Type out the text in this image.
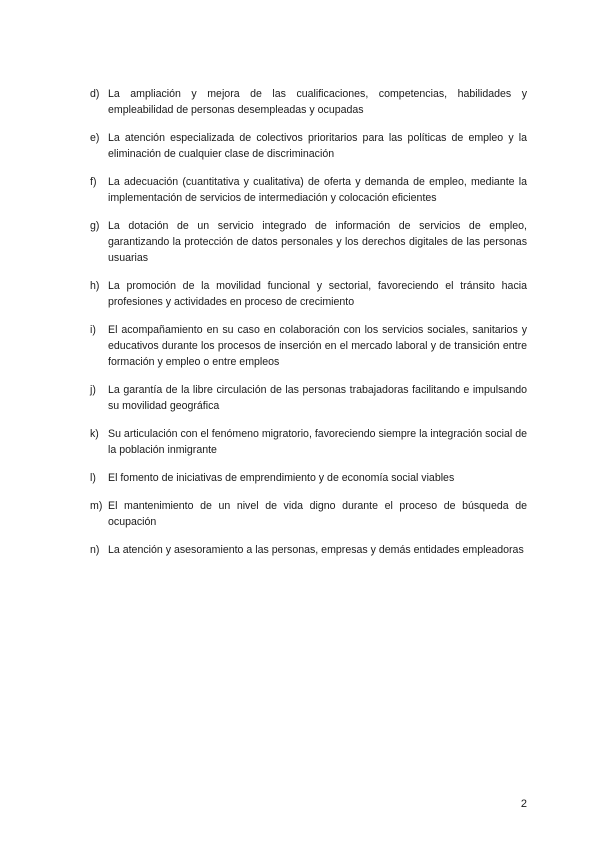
d) La ampliación y mejora de las cualificaciones, competencias, habilidades y empleabilidad de personas desempleadas y ocupadas
e) La atención especializada de colectivos prioritarios para las políticas de empleo y la eliminación de cualquier clase de discriminación
f)	La adecuación (cuantitativa y cualitativa) de oferta y demanda de empleo, mediante la implementación de servicios de intermediación y colocación eficientes
g) La dotación de un servicio integrado de información de servicios de empleo, garantizando la protección de datos personales y los derechos digitales de las personas usuarias
h) La promoción de la movilidad funcional y sectorial, favoreciendo el tránsito hacia profesiones y actividades en proceso de crecimiento
i)	El acompañamiento en su caso en colaboración con los servicios sociales, sanitarios y educativos durante los procesos de inserción en el mercado laboral y de transición entre formación y empleo o entre empleos
j)	La garantía de la libre circulación de las personas trabajadoras facilitando e impulsando su movilidad geográfica
k) Su articulación con el fenómeno migratorio, favoreciendo siempre la integración social de la población inmigrante
l)	El fomento de iniciativas de emprendimiento y de economía social viables
m) El mantenimiento de un nivel de vida digno durante el proceso de búsqueda de ocupación
n) La atención y asesoramiento a las personas, empresas y demás entidades empleadoras
2
